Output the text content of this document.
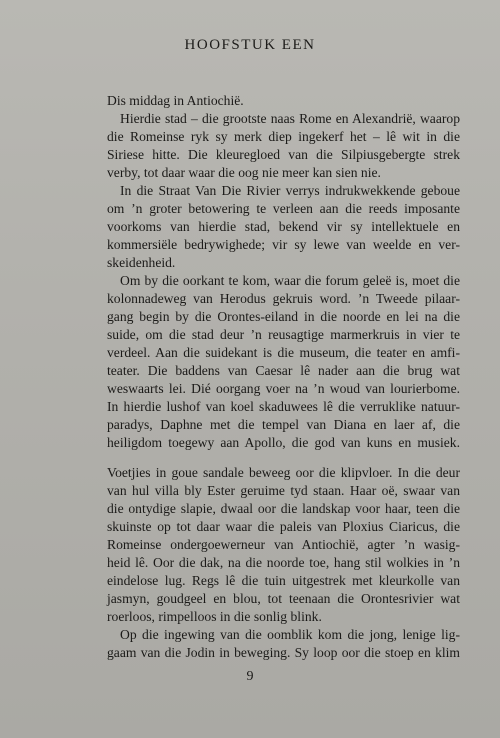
HOOFSTUK EEN
Dis middag in Antiochië.
Hierdie stad – die grootste naas Rome en Alexandrië, waarop
die Romeinse ryk sy merk diep ingekerf het – lê wit in die
Siriese hitte. Die kleuregloed van die Silpiusgebergte strek
verby, tot daar waar die oog nie meer kan sien nie.
In die Straat Van Die Rivier verrys indrukwekkende geboue
om ’n groter betowering te verleen aan die reeds imposante
voorkoms van hierdie stad, bekend vir sy intellektuele en
kommersiële bedrywighede; vir sy lewe van weelde en ver-
skeidenheid.
Om by die oorkant te kom, waar die forum geleë is, moet die
kolonnadeweg van Herodus gekruis word. ’n Tweede pilaar-
gang begin by die Orontes-eiland in die noorde en lei na die
suide, om die stad deur ’n reusagtige marmerkruis in vier te
verdeel. Aan die suidekant is die museum, die teater en amfi-
teater. Die baddens van Caesar lê nader aan die brug wat
weswaarts lei. Dié oorgang voer na ’n woud van lourierbome.
In hierdie lushof van koel skaduwees lê die verruklike natuur-
paradys, Daphne met die tempel van Diana en laer af, die
heiligdom toegewy aan Apollo, die god van kuns en musiek.
Voetjies in goue sandale beweeg oor die klipvloer. In die deur
van hul villa bly Ester geruime tyd staan. Haar oë, swaar van
die ontydige slapie, dwaal oor die landskap voor haar, teen die
skuinste op tot daar waar die paleis van Ploxius Ciaricus, die
Romeinse ondergoewerneur van Antiochië, agter ’n wasig-
heid lê. Oor die dak, na die noorde toe, hang stil wolkies in ’n
eindelose lug. Regs lê die tuin uitgestrek met kleurkolle van
jasmyn, goudgeel en blou, tot teenaan die Orontesrivier wat
roerloos, rimpelloos in die sonlig blink.
Op die ingewing van die oomblik kom die jong, lenige lig-
gaam van die Jodin in beweging. Sy loop oor die stoep en klim
9
